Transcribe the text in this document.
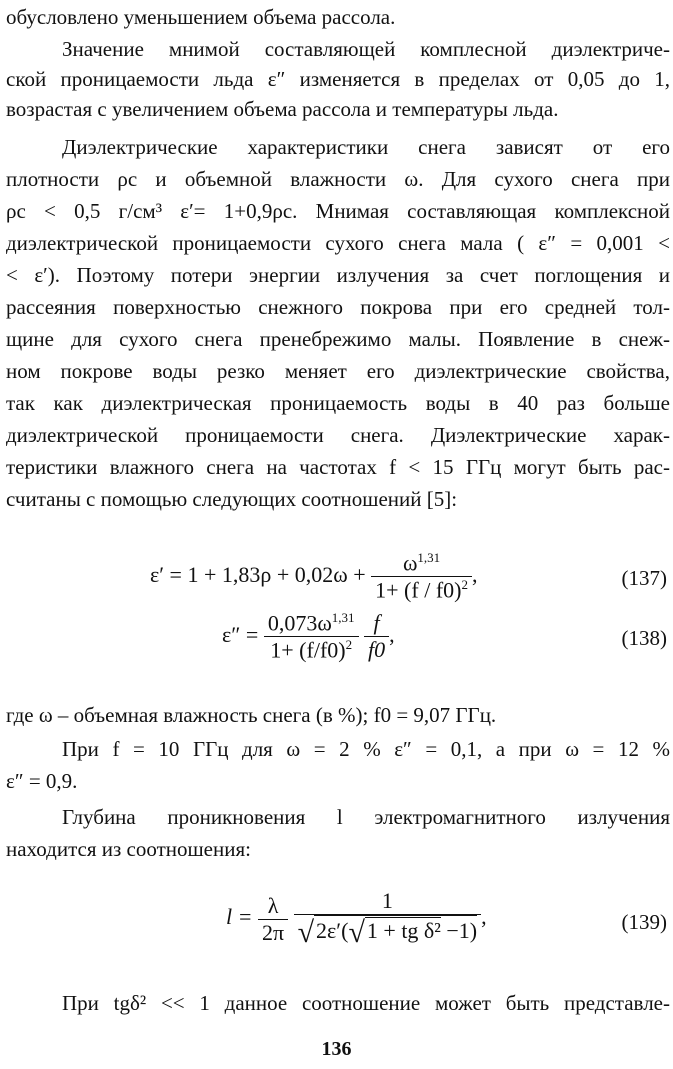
обусловлено уменьшением объема рассола.
Значение мнимой составляющей комплесной диэлектриче-
ской проницаемости льда ε″ изменяется в пределах от 0,05 до 1,
возрастая с увеличением объема рассола и температуры льда.
Диэлектрические характеристики снега зависят от его
плотности ρc и объемной влажности ω. Для сухого снега при
ρc < 0,5 г/см³ ε′= 1+0,9ρc. Мнимая составляющая комплексной
диэлектрической проницаемости сухого снега мала ( ε″ = 0,001 <
< ε′). Поэтому потери энергии излучения за счет поглощения и
рассеяния поверхностью снежного покрова при его средней тол-
щине для сухого снега пренебрежимо малы. Появление в снеж-
ном покрове воды резко меняет его диэлектрические свойства,
так как диэлектрическая проницаемость воды в 40 раз больше
диэлектрической проницаемости снега. Диэлектрические харак-
теристики влажного снега на частотах f < 15 ГГц могут быть рас-
считаны с помощью следующих соотношений [5]:
$\varepsilon' = 1 + 1,83\rho + 0,02\omega + \frac{\omega^{1,31}}{1+ (f / f0)^2}$ ,	(137)
$\varepsilon'' = \frac{0,073\omega^{1,31}}{1+ (f/f0)^2}$
$\frac{f}{f0}$ ,	(138)
где ω – объемная влажность снега (в %); f0 = 9,07 ГГц.
При f = 10 ГГц для ω = 2 % ε″ = 0,1, а при ω = 12 %
ε″ = 0,9.
Глубина проникновения l электромагнитного излучения
находится из соотношения:
$l = \frac{\lambda}{2\pi}$
$\frac{1}{\text{√2ε′(√1 + tg δ² −1)}}$ ,	(139)
При tgδ² << 1 данное соотношение может быть представле-
136
